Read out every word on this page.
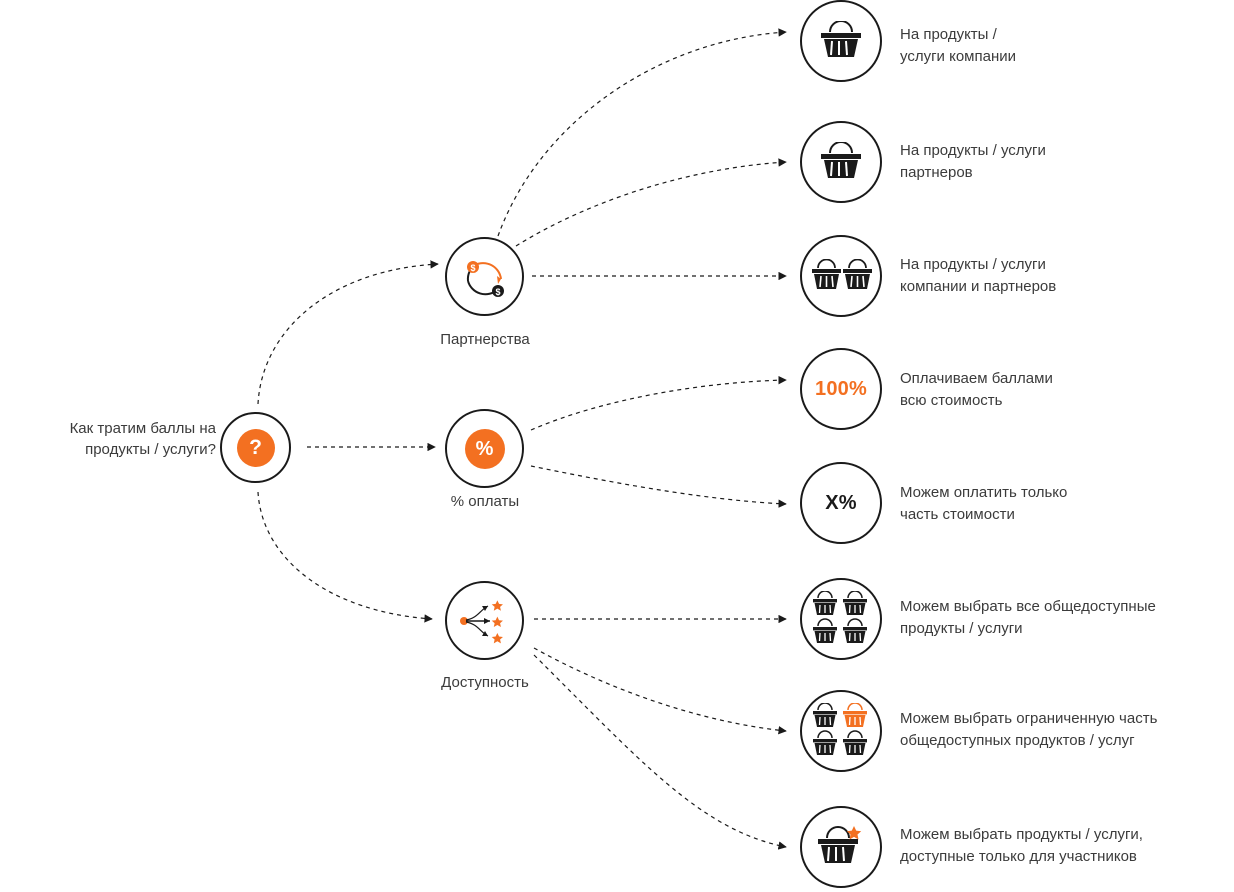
Как тратим баллы на продукты / услуги? ?
$
$
Партнерства
%
% оплаты
Доступность
На продукты /
услуги компании
На продукты / услуги
партнеров
На продукты / услуги
компании и партнеров
100% Оплачиваем баллами
всю стоимость
X%	Можем оплатить только
часть стоимости
Можем выбрать все общедоступные
продукты / услуги
Можем выбрать ограниченную часть
общедоступных продуктов / услуг
Можем выбрать продукты / услуги,
доступные только для участников
